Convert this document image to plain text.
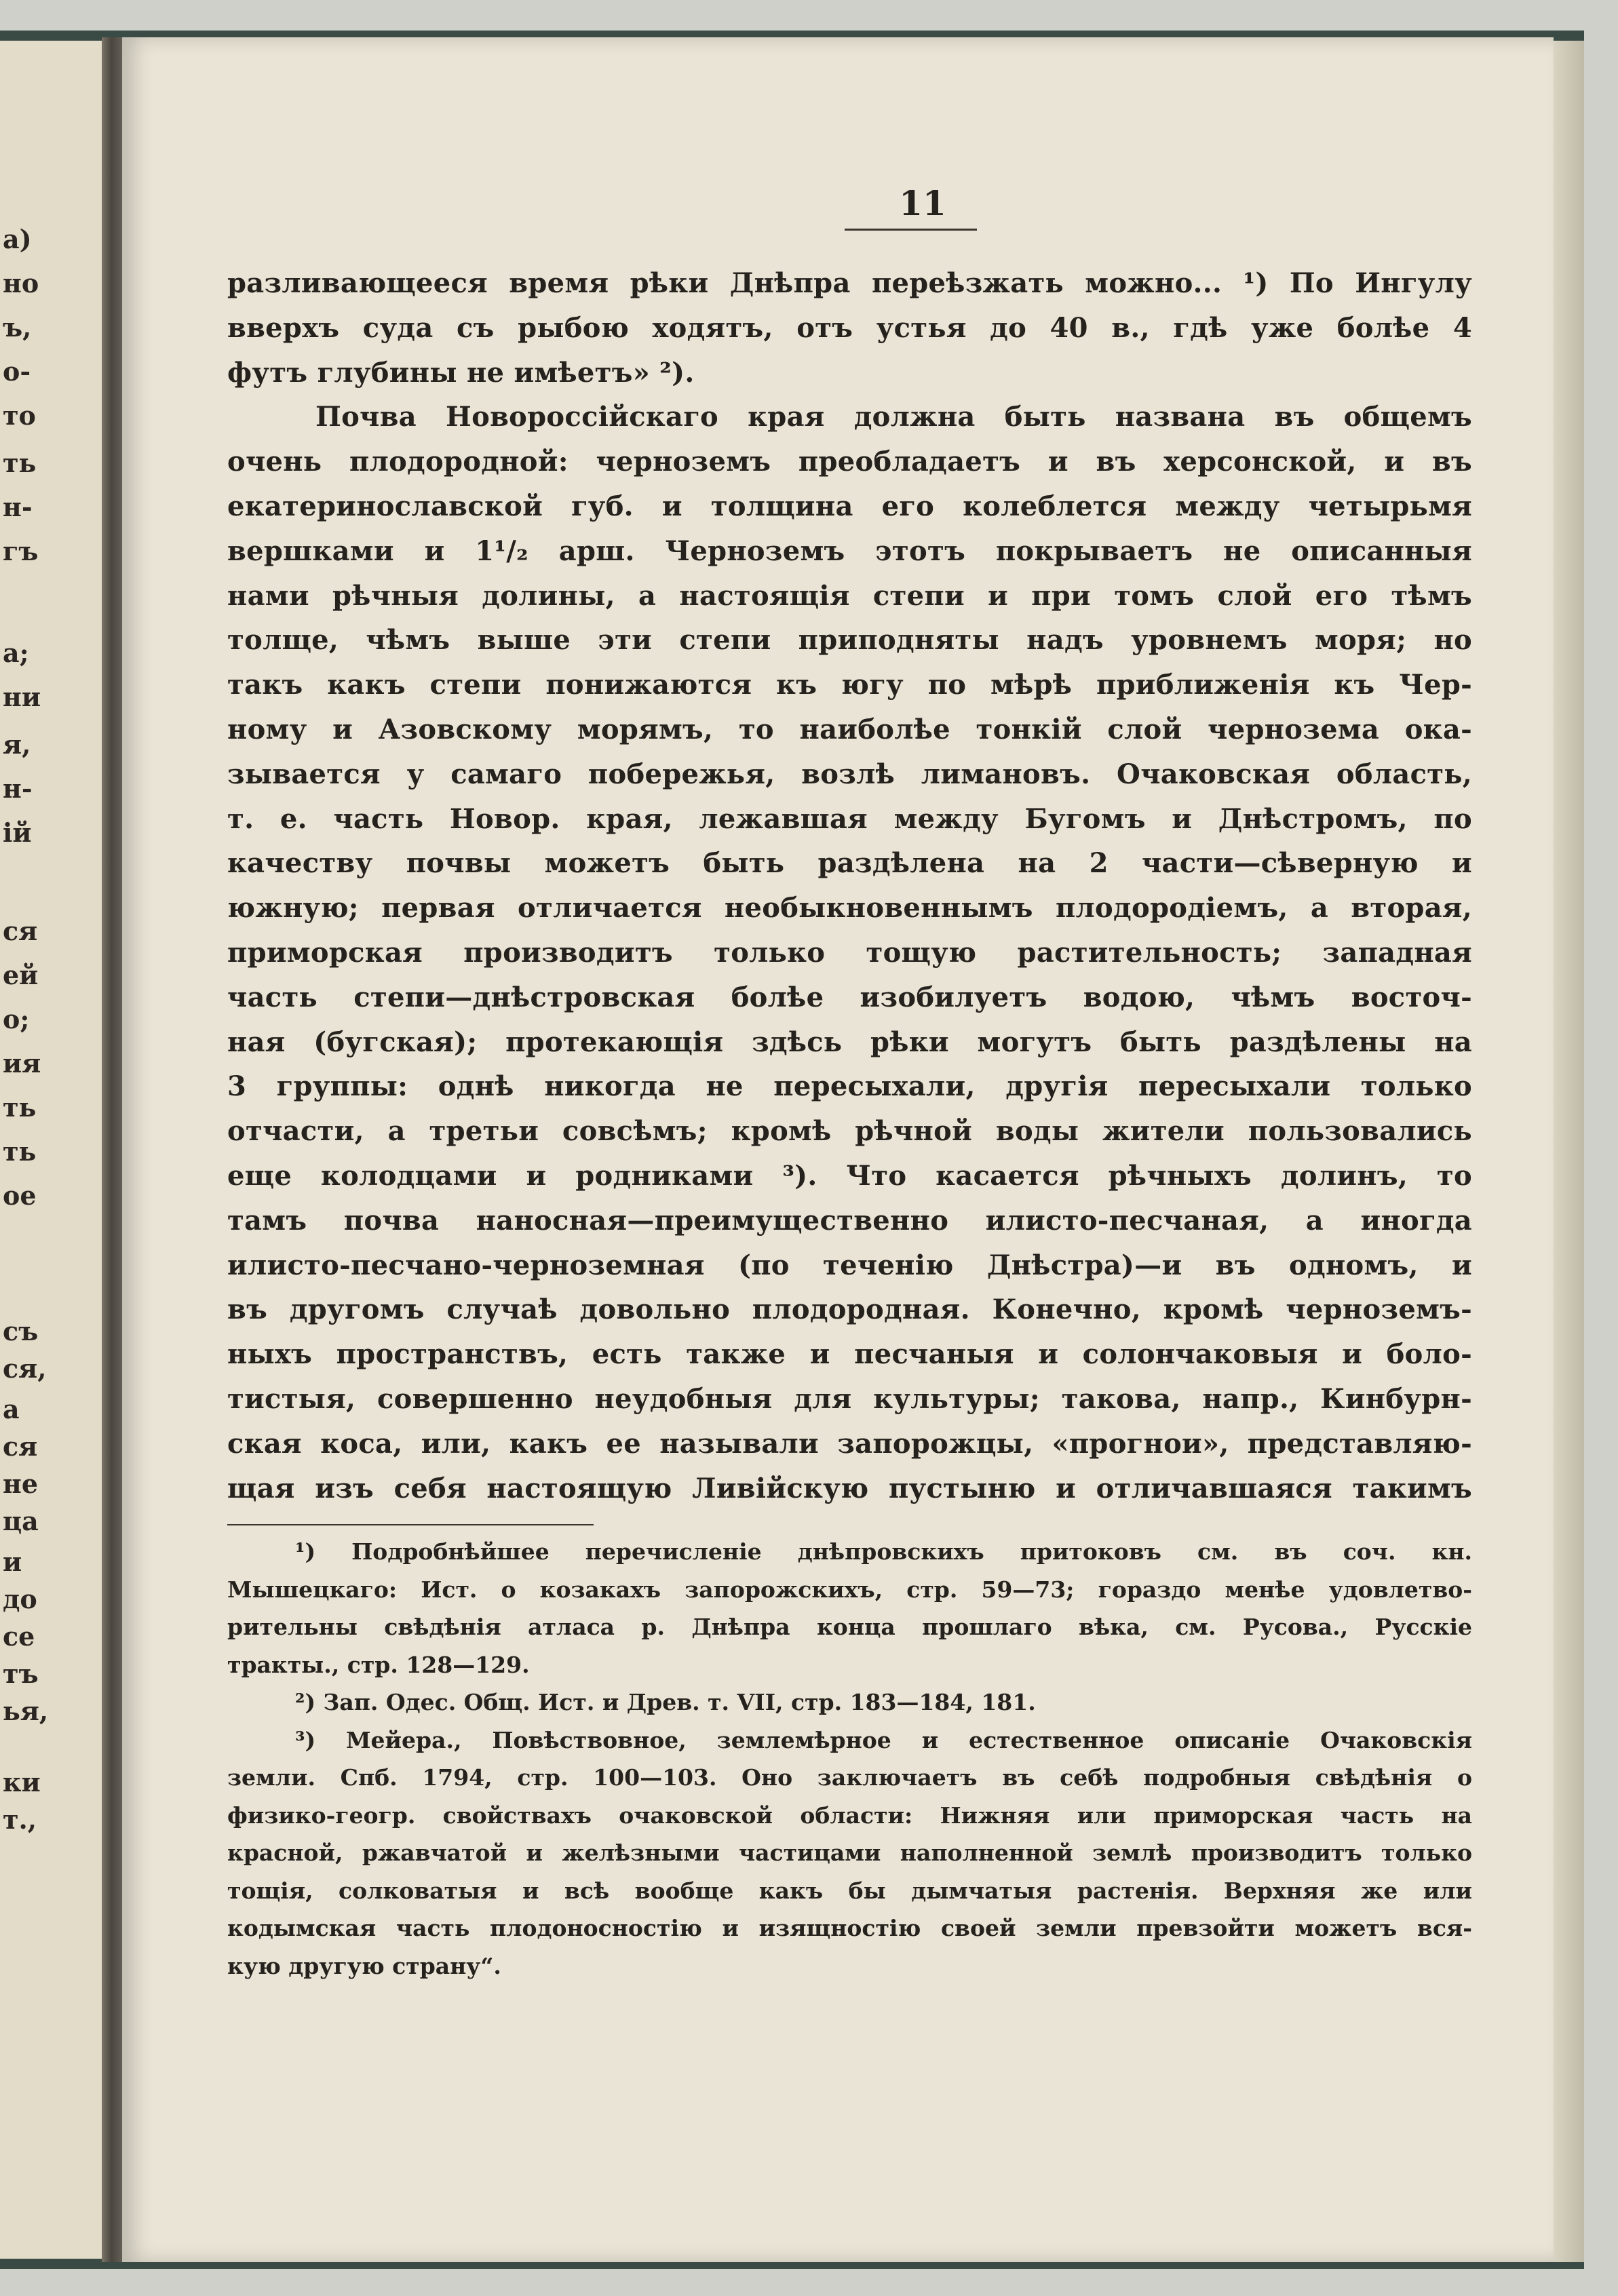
а)
но
ъ,
о-
то
ть
н-
гъ
а;
ни
я,
н-
ій
ся
ей
о;
ия
ть
ть
ое
съ
ся,
а
ся
не
ца
и
до
се
тъ
ья,
ки
т.,
11
разливающееся время рѣки Днѣпра переѣзжать можно... ¹) По Ингулу
вверхъ суда съ рыбою ходятъ, отъ устья до 40 в., гдѣ уже болѣе 4
футъ глубины не имѣетъ» ²).
Почва Новороссійскаго края должна быть названа въ общемъ
очень плодородной: черноземъ преобладаетъ и въ херсонской, и въ
екатеринославской губ. и толщина его колеблется между четырьмя
вершками и 1¹/₂ арш. Черноземъ этотъ покрываетъ не описанныя
нами рѣчныя долины, а настоящія степи и при томъ слой его тѣмъ
толще, чѣмъ выше эти степи приподняты надъ уровнемъ моря; но
такъ какъ степи понижаются къ югу по мѣрѣ приближенія къ Чер-
ному и Азовскому морямъ, то наиболѣе тонкій слой чернозема ока-
зывается у самаго побережья, возлѣ лимановъ. Очаковская область,
т. е. часть Новор. края, лежавшая между Бугомъ и Днѣстромъ, по
качеству почвы можетъ быть раздѣлена на 2 части—сѣверную и
южную; первая отличается необыкновеннымъ плодородіемъ, а вторая,
приморская производитъ только тощую растительность; западная
часть степи—днѣстровская болѣе изобилуетъ водою, чѣмъ восточ-
ная (бугская); протекающія здѣсь рѣки могутъ быть раздѣлены на
3 группы: однѣ никогда не пересыхали, другія пересыхали только
отчасти, а третьи совсѣмъ; кромѣ рѣчной воды жители пользовались
еще колодцами и родниками ³). Что касается рѣчныхъ долинъ, то
тамъ почва наносная—преимущественно илисто-песчаная, а иногда
илисто-песчано-черноземная (по теченію Днѣстра)—и въ одномъ, и
въ другомъ случаѣ довольно плодородная. Конечно, кромѣ черноземъ-
ныхъ пространствъ, есть также и песчаныя и солончаковыя и боло-
тистыя, совершенно неудобныя для культуры; такова, напр., Кинбурн-
ская коса, или, какъ ее называли запорожцы, «прогнои», представляю-
щая изъ себя настоящую Ливійскую пустыню и отличавшаяся такимъ
¹) Подробнѣйшее перечисленіе днѣпровскихъ притоковъ см. въ соч. кн.
Мышецкаго: Ист. о козакахъ запорожскихъ, стр. 59—73; гораздо менѣе удовлетво-
рительны свѣдѣнія атласа р. Днѣпра конца прошлаго вѣка, см. Русова., Русскіе
тракты., стр. 128—129.
²) Зап. Одес. Общ. Ист. и Древ. т. VII, стр. 183—184, 181.
³) Мейера., Повѣствовное, землемѣрное и естественное описаніе Очаковскія
земли. Спб. 1794, стр. 100—103. Оно заключаетъ въ себѣ подробныя свѣдѣнія о
физико-геогр. свойствахъ очаковской области: Нижняя или приморская часть на
красной, ржавчатой и желѣзными частицами наполненной землѣ производитъ только
тощія, солковатыя и всѣ вообще какъ бы дымчатыя растенія. Верхняя же или
кодымская часть плодоносностію и изящностію своей земли превзойти можетъ вся-
кую другую страну“.
